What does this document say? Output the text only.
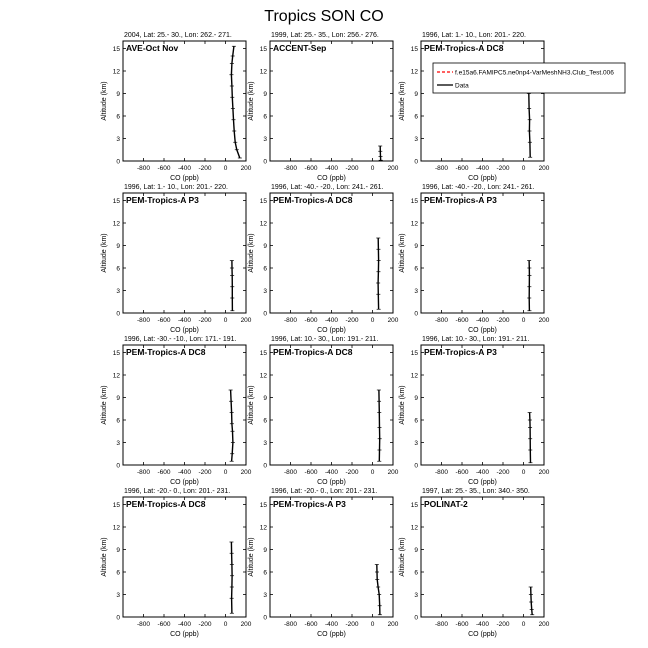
Tropics SON CO
2004, Lat: 25.- 30., Lon: 262.- 271.
AVE-Oct Nov
-800 -600 -400 -200 0 200
0
3
6
9
12
15
CO (ppb)
Altitude (km)
1999, Lat: 25.- 35., Lon: 256.- 276.
ACCENT-Sep
-800 -600 -400 -200 0 200
0
3
6
9
12
15
CO (ppb)
Altitude (km)
1996, Lat: 1.- 10., Lon: 201.- 220.
PEM-Tropics-A DC8
-800 -600 -400 -200 0 200
0
3
6
9
12
15
CO (ppb)
Altitude (km)
f.e15a6.FAMIPC5.ne0np4-VarMeshNH3.Club_Test.006
Data
1996, Lat: 1.- 10., Lon: 201.- 220.
PEM-Tropics-A P3
-800 -600 -400 -200 0 200
0
3
6
9
12
15
CO (ppb)
Altitude (km)
1996, Lat: -40.- -20., Lon: 241.- 261.
PEM-Tropics-A DC8
-800 -600 -400 -200 0 200
0
3
6
9
12
15
CO (ppb)
Altitude (km)
1996, Lat: -40.- -20., Lon: 241.- 261.
PEM-Tropics-A P3
-800 -600 -400 -200 0 200
0
3
6
9
12
15
CO (ppb)
Altitude (km)
1996, Lat: -30.- -10., Lon: 171.- 191.
PEM-Tropics-A DC8
-800 -600 -400 -200 0 200
0
3
6
9
12
15
CO (ppb)
Altitude (km)
1996, Lat: 10.- 30., Lon: 191.- 211.
PEM-Tropics-A DC8
-800 -600 -400 -200 0 200
0
3
6
9
12
15
CO (ppb)
Altitude (km)
1996, Lat: 10.- 30., Lon: 191.- 211.
PEM-Tropics-A P3
-800 -600 -400 -200 0 200
0
3
6
9
12
15
CO (ppb)
Altitude (km)
1996, Lat: -20.- 0., Lon: 201.- 231.
PEM-Tropics-A DC8
-800 -600 -400 -200 0 200
0
3
6
9
12
15
CO (ppb)
Altitude (km)
1996, Lat: -20.- 0., Lon: 201.- 231.
PEM-Tropics-A P3
-800 -600 -400 -200 0 200
0
3
6
9
12
15
CO (ppb)
Altitude (km)
1997, Lat: 25.- 35., Lon: 340.- 350.
POLINAT-2
-800 -600 -400 -200 0 200
0
3
6
9
12
15
CO (ppb)
Altitude (km)
